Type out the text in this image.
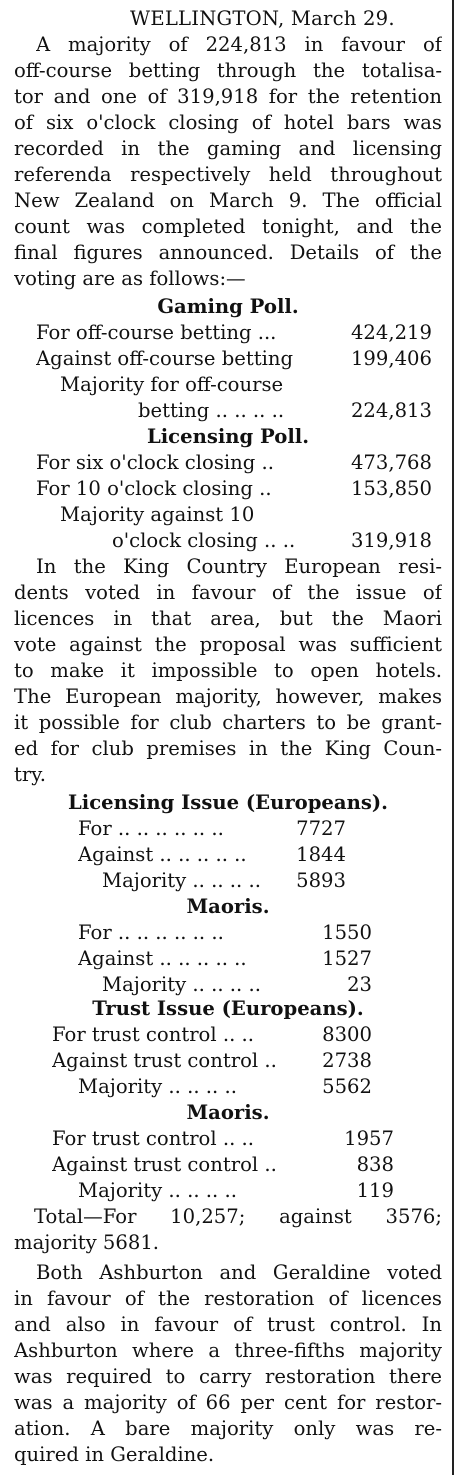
WELLINGTON, March 29.
A majority of 224,813 in favour of
off-course betting through the totalisa-
tor and one of 319,918 for the retention
of six o'clock closing of hotel bars was
recorded in the gaming and licensing
referenda respectively held throughout
New Zealand on March 9. The official
count was completed tonight, and the
final figures announced. Details of the
voting are as follows:—
Gaming Poll.
For off-course betting ...	424,219
Against off-course betting	199,406
Majority for off-course
betting .. .. .. ..	224,813
Licensing Poll.
For six o'clock closing ..	473,768
For 10 o'clock closing ..	153,850
Majority against 10
o'clock closing .. ..	319,918
In the King Country European resi-
dents voted in favour of the issue of
licences in that area, but the Maori
vote against the proposal was sufficient
to make it impossible to open hotels.
The European majority, however, makes
it possible for club charters to be grant-
ed for club premises in the King Coun-
try.
Licensing Issue (Europeans).
For .. .. .. .. .. ..	7727
Against .. .. .. .. ..	1844
Majority .. .. .. .. 5893
Maoris.
For .. .. .. .. .. ..	1550
Against .. .. .. .. ..	1527
Majority .. .. .. ..	23
Trust Issue (Europeans).
For trust control .. ..	8300
Against trust control .. 2738
Majority .. .. .. ..	5562
Maoris.
For trust control .. ..	1957
Against trust control ..	838
Majority .. .. .. ..	119
Total—For 10,257; against 3576;
majority 5681.
Both Ashburton and Geraldine voted
in favour of the restoration of licences
and also in favour of trust control. In
Ashburton where a three-fifths majority
was required to carry restoration there
was a majority of 66 per cent for restor-
ation. A bare majority only was re-
quired in Geraldine.
